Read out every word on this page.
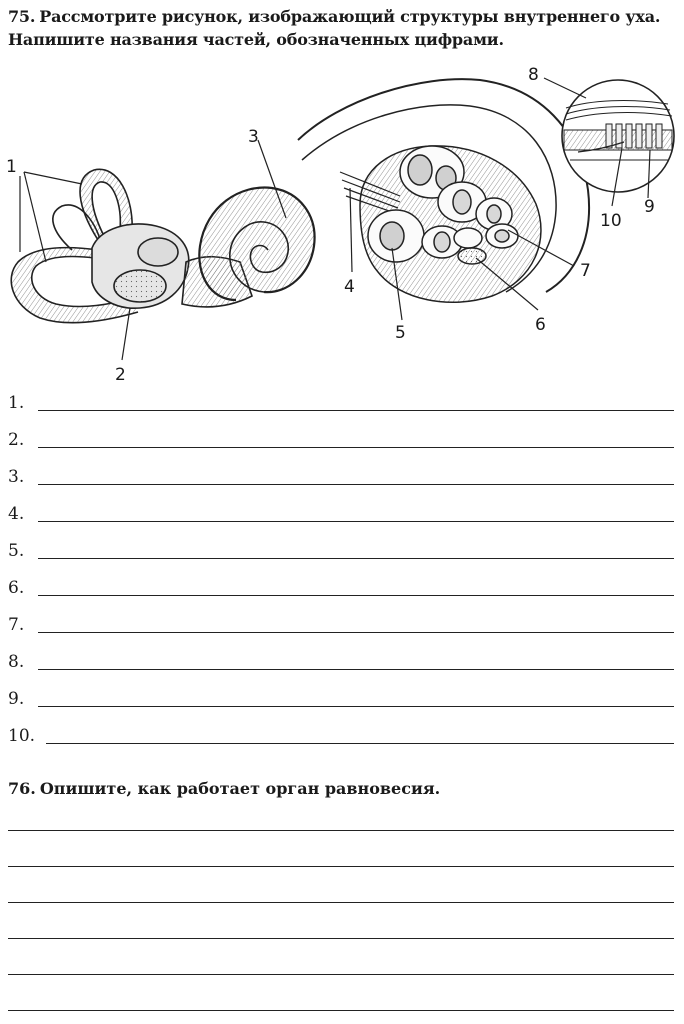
75. Рассмотрите рисунок, изображающий структуры внутреннего уха. Напишите названия частей, обозначенных цифрами.
1
2
3
4
5	6
7
8
9
10
1.
2.
3.
4.
5.
6.
7.
8.
9.
10.
76. Опишите, как работает орган равновесия.
